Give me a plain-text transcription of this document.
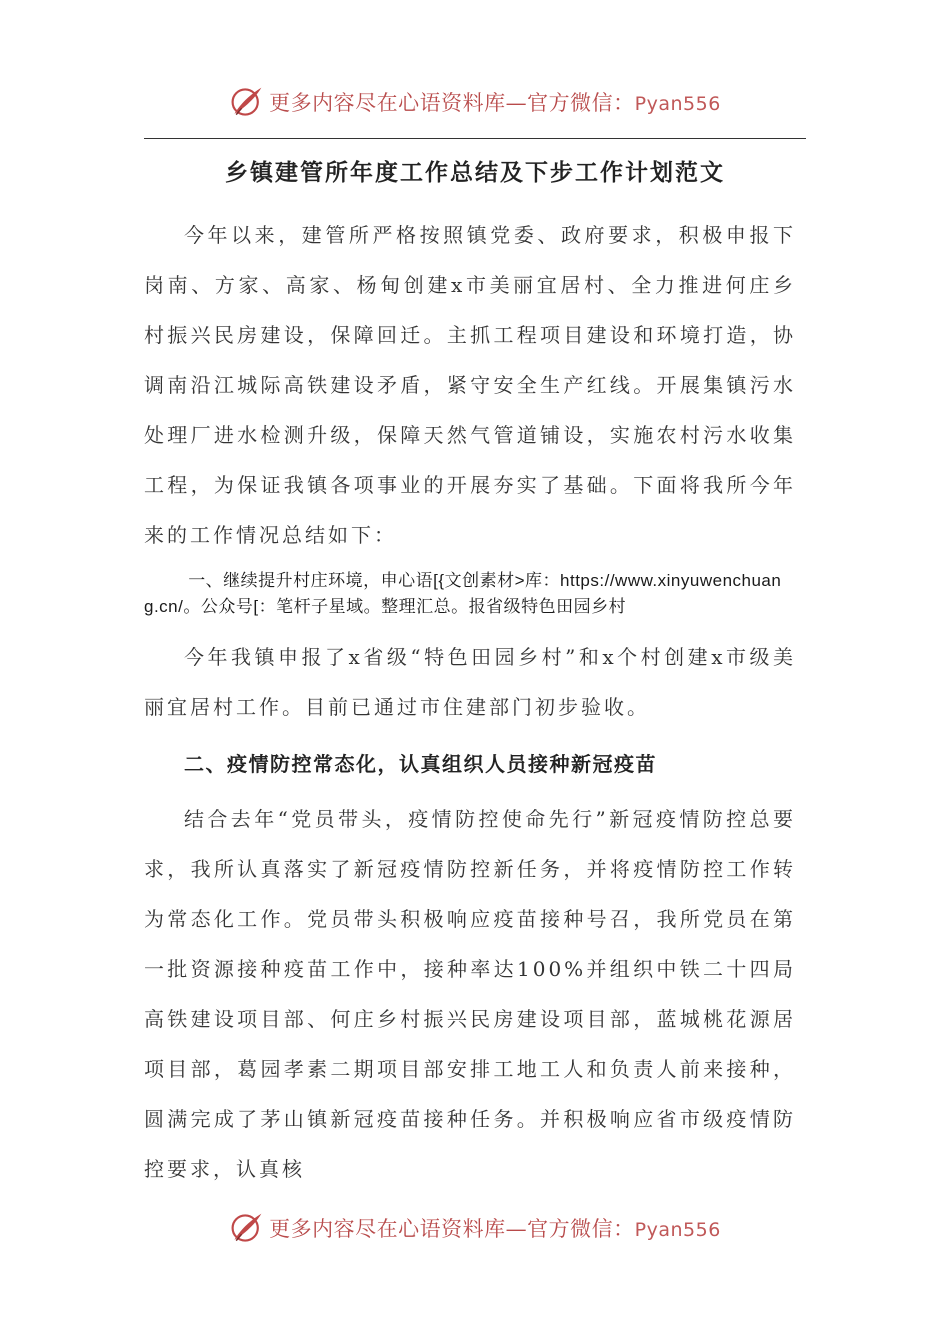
更多内容尽在心语资料库—官方微信：Pyan556
乡镇建管所年度工作总结及下步工作计划范文

今年以来，建管所严格按照镇党委、政府要求，积极申报下岗南、方家、高家、杨甸创建x市美丽宜居村、全力推进何庄乡村振兴民房建设，保障回迁。主抓工程项目建设和环境打造，协调南沿江城际高铁建设矛盾，紧守安全生产红线。开展集镇污水处理厂进水检测升级，保障天然气管道铺设，实施农村污水收集工程，为保证我镇各项事业的开展夯实了基础。下面将我所今年来的工作情况总结如下：

一、继续提升村庄环境，申心语[{文创素材>库：https://www.xinyuwenchuang.cn/。公众号[：笔杆子星域。整理汇总。报省级特色田园乡村

今年我镇申报了x省级“特色田园乡村”和x个村创建x市级美丽宜居村工作。目前已通过市住建部门初步验收。

二、疫情防控常态化，认真组织人员接种新冠疫苗

结合去年“党员带头，疫情防控使命先行”新冠疫情防控总要求，我所认真落实了新冠疫情防控新任务，并将疫情防控工作转为常态化工作。党员带头积极响应疫苗接种号召，我所党员在第一批资源接种疫苗工作中，接种率达100%并组织中铁二十四局高铁建设项目部、何庄乡村振兴民房建设项目部，蓝城桃花源居项目部，葛园孝素二期项目部安排工地工人和负责人前来接种，圆满完成了茅山镇新冠疫苗接种任务。并积极响应省市级疫情防控要求，认真核

更多内容尽在心语资料库—官方微信：Pyan556
